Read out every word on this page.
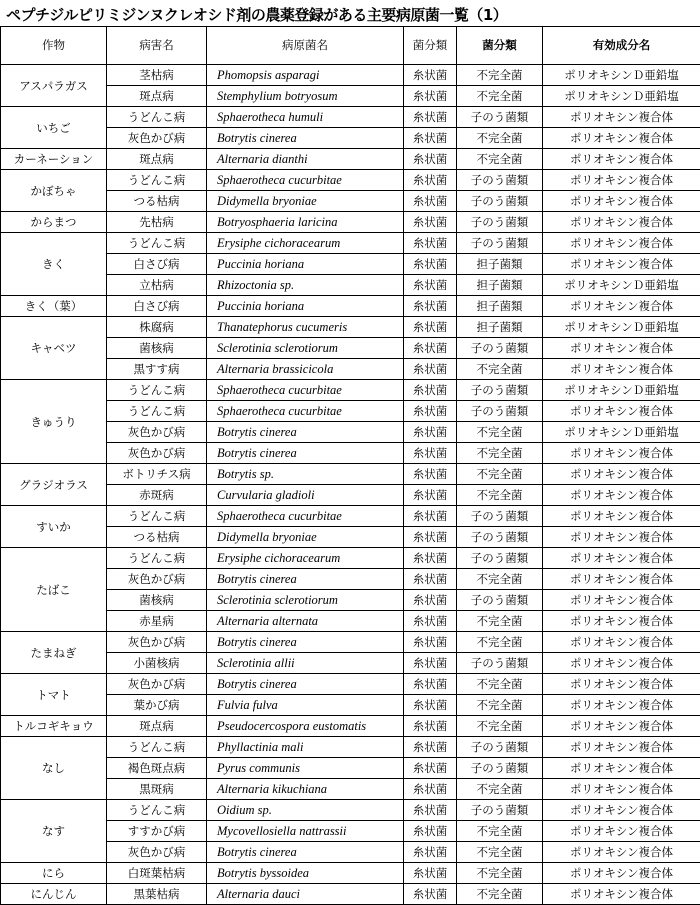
ペプチジルピリミジンヌクレオシド剤の農薬登録がある主要病原菌一覧（1）
作物	病害名	病原菌名	菌分類	菌分類	有効成分名
アスパラガス	茎枯病	Phomopsis asparagi	糸状菌	不完全菌	ポリオキシンＤ亜鉛塩
	斑点病	Stemphylium botryosum	糸状菌	不完全菌	ポリオキシンＤ亜鉛塩
いちご	うどんこ病	Sphaerotheca humuli	糸状菌	子のう菌類	ポリオキシン複合体
	灰色かび病	Botrytis cinerea	糸状菌	不完全菌	ポリオキシン複合体
カーネーション	斑点病	Alternaria dianthi	糸状菌	不完全菌	ポリオキシン複合体
かぼちゃ	うどんこ病	Sphaerotheca cucurbitae	糸状菌	子のう菌類	ポリオキシン複合体
	つる枯病	Didymella bryoniae	糸状菌	子のう菌類	ポリオキシン複合体
からまつ	先枯病	Botryosphaeria laricina	糸状菌	子のう菌類	ポリオキシン複合体
きく	うどんこ病	Erysiphe cichoracearum	糸状菌	子のう菌類	ポリオキシン複合体
	白さび病	Puccinia horiana	糸状菌	担子菌類	ポリオキシン複合体
	立枯病	Rhizoctonia sp.	糸状菌	担子菌類	ポリオキシンＤ亜鉛塩
きく（葉）	白さび病	Puccinia horiana	糸状菌	担子菌類	ポリオキシン複合体
キャベツ	株腐病	Thanatephorus cucumeris	糸状菌	担子菌類	ポリオキシンＤ亜鉛塩
	菌核病	Sclerotinia sclerotiorum	糸状菌	子のう菌類	ポリオキシン複合体
	黒すす病	Alternaria brassicicola	糸状菌	不完全菌	ポリオキシン複合体
きゅうり	うどんこ病	Sphaerotheca cucurbitae	糸状菌	子のう菌類	ポリオキシンＤ亜鉛塩
	うどんこ病	Sphaerotheca cucurbitae	糸状菌	子のう菌類	ポリオキシン複合体
	灰色かび病	Botrytis cinerea	糸状菌	不完全菌	ポリオキシンＤ亜鉛塩
	灰色かび病	Botrytis cinerea	糸状菌	不完全菌	ポリオキシン複合体
グラジオラス	ボトリチス病	Botrytis sp.	糸状菌	不完全菌	ポリオキシン複合体
	赤斑病	Curvularia gladioli	糸状菌	不完全菌	ポリオキシン複合体
すいか	うどんこ病	Sphaerotheca cucurbitae	糸状菌	子のう菌類	ポリオキシン複合体
	つる枯病	Didymella bryoniae	糸状菌	子のう菌類	ポリオキシン複合体
たばこ	うどんこ病	Erysiphe cichoracearum	糸状菌	子のう菌類	ポリオキシン複合体
	灰色かび病	Botrytis cinerea	糸状菌	不完全菌	ポリオキシン複合体
	菌核病	Sclerotinia sclerotiorum	糸状菌	子のう菌類	ポリオキシン複合体
	赤星病	Alternaria alternata	糸状菌	不完全菌	ポリオキシン複合体
たまねぎ	灰色かび病	Botrytis cinerea	糸状菌	不完全菌	ポリオキシン複合体
	小菌核病	Sclerotinia allii	糸状菌	子のう菌類	ポリオキシン複合体
トマト	灰色かび病	Botrytis cinerea	糸状菌	不完全菌	ポリオキシン複合体
	葉かび病	Fulvia fulva	糸状菌	不完全菌	ポリオキシン複合体
トルコギキョウ	斑点病	Pseudocercospora eustomatis	糸状菌	不完全菌	ポリオキシン複合体
なし	うどんこ病	Phyllactinia mali	糸状菌	子のう菌類	ポリオキシン複合体
	褐色斑点病	Pyrus communis	糸状菌	子のう菌類	ポリオキシン複合体
	黒斑病	Alternaria kikuchiana	糸状菌	不完全菌	ポリオキシン複合体
なす	うどんこ病	Oidium sp.	糸状菌	子のう菌類	ポリオキシン複合体
	すすかび病	Mycovellosiella nattrassii	糸状菌	不完全菌	ポリオキシン複合体
	灰色かび病	Botrytis cinerea	糸状菌	不完全菌	ポリオキシン複合体
にら	白斑葉枯病	Botrytis byssoidea	糸状菌	不完全菌	ポリオキシン複合体
にんじん	黒葉枯病	Alternaria dauci	糸状菌	不完全菌	ポリオキシン複合体
